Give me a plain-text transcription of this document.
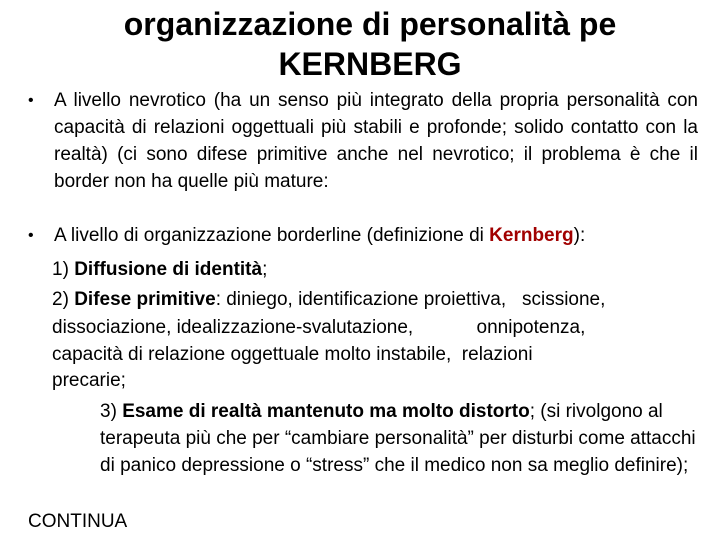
organizzazione di personalità pe
KERNBERG
•	A livello nevrotico (ha un senso più integrato della propria personalità con capacità di relazioni oggettuali più stabili e profonde; solido contatto con la realtà) (ci sono difese primitive anche nel nevrotico; il problema è che il border non ha quelle più mature:
•	A livello di organizzazione borderline (definizione di Kernberg):
1) Diffusione di identità;
2) Difese primitive: diniego, identificazione proiettiva,   scissione,
dissociazione, idealizzazione-svalutazione,            onnipotenza,
capacità di relazione oggettuale molto instabile,  relazioni
precarie;
3) Esame di realtà mantenuto ma molto distorto; (si rivolgono al terapeuta più che per “cambiare personalità” per disturbi come attacchi di panico depressione o “stress” che il medico non sa meglio definire);
CONTINUA
